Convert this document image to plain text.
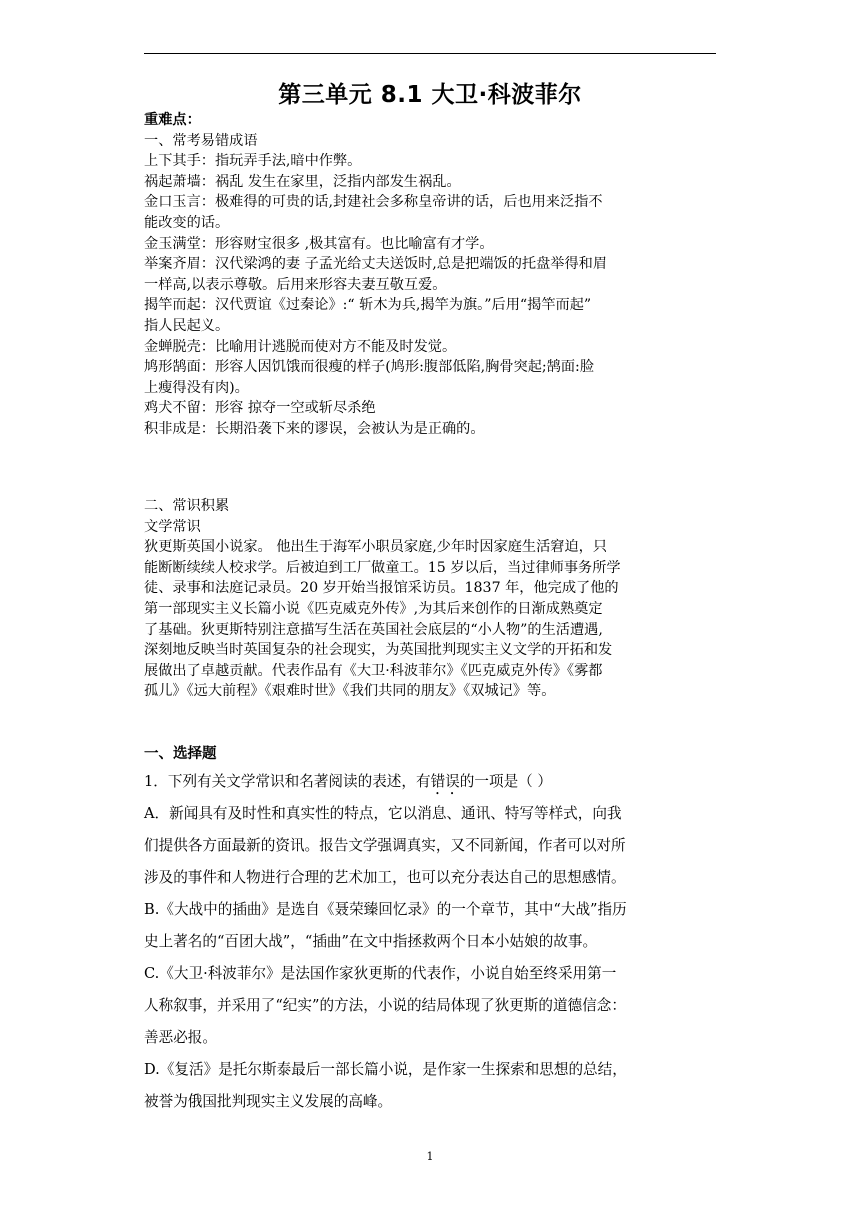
第三单元 8.1 大卫·科波菲尔

重难点：

一、常考易错成语

上下其手：指玩弄手法,暗中作弊。

祸起萧墙：祸乱 发生在家里，泛指内部发生祸乱。

金口玉言：极难得的可贵的话,封建社会多称皇帝讲的话，后也用来泛指不

能改变的话。

金玉满堂：形容财宝很多 ,极其富有。也比喻富有才学。

举案齐眉：汉代梁鸿的妻 子孟光给丈夫送饭时,总是把端饭的托盘举得和眉

一样高,以表示尊敬。后用来形容夫妻互敬互爱。

揭竿而起：汉代贾谊《过秦论》:“ 斩木为兵,揭竿为旗。”后用“揭竿而起”

指人民起义。

金蝉脱壳：比喻用计逃脱而使对方不能及时发觉。

鸠形鹄面：形容人因饥饿而很瘦的样子(鸠形:腹部低陷,胸骨突起;鹄面:脸

上瘦得没有肉)。

鸡犬不留：形容 掠夺一空或斩尽杀绝

积非成是：长期沿袭下来的谬误，会被认为是正确的。

二、常识积累

文学常识

狄更斯英国小说家。 他出生于海军小职员家庭,少年时因家庭生活窘迫，只

能断断续续人校求学。后被迫到工厂做童工。15 岁以后，当过律师事务所学

徒、录事和法庭记录员。20 岁开始当报馆采访员。1837 年，他完成了他的

第一部现实主义长篇小说《匹克威克外传》,为其后来创作的日渐成熟奠定

了基础。狄更斯特别注意描写生活在英国社会底层的“小人物”的生活遭遇,

深刻地反映当时英国复杂的社会现实，为英国批判现实主义文学的开拓和发

展做出了卓越贡献。代表作品有《大卫·科波菲尔》《匹克威克外传》《雾都

孤儿》《远大前程》《艰难时世》《我们共同的朋友》《双城记》等。

一、选择题

1．下列有关文学常识和名著阅读的表述，有错误的一项是（ ）

A．新闻具有及时性和真实性的特点，它以消息、通讯、特写等样式，向我

们提供各方面最新的资讯。报告文学强调真实，又不同新闻，作者可以对所

涉及的事件和人物进行合理的艺术加工，也可以充分表达自己的思想感情。

B.《大战中的插曲》是选自《聂荣臻回忆录》的一个章节，其中“大战”指历

史上著名的“百团大战”，“插曲”在文中指拯救两个日本小姑娘的故事。

C.《大卫·科波菲尔》是法国作家狄更斯的代表作，小说自始至终采用第一

人称叙事，并采用了“纪实”的方法，小说的结局体现了狄更斯的道德信念：

善恶必报。

D.《复活》是托尔斯泰最后一部长篇小说，是作家一生探索和思想的总结，

被誉为俄国批判现实主义发展的高峰。

1
